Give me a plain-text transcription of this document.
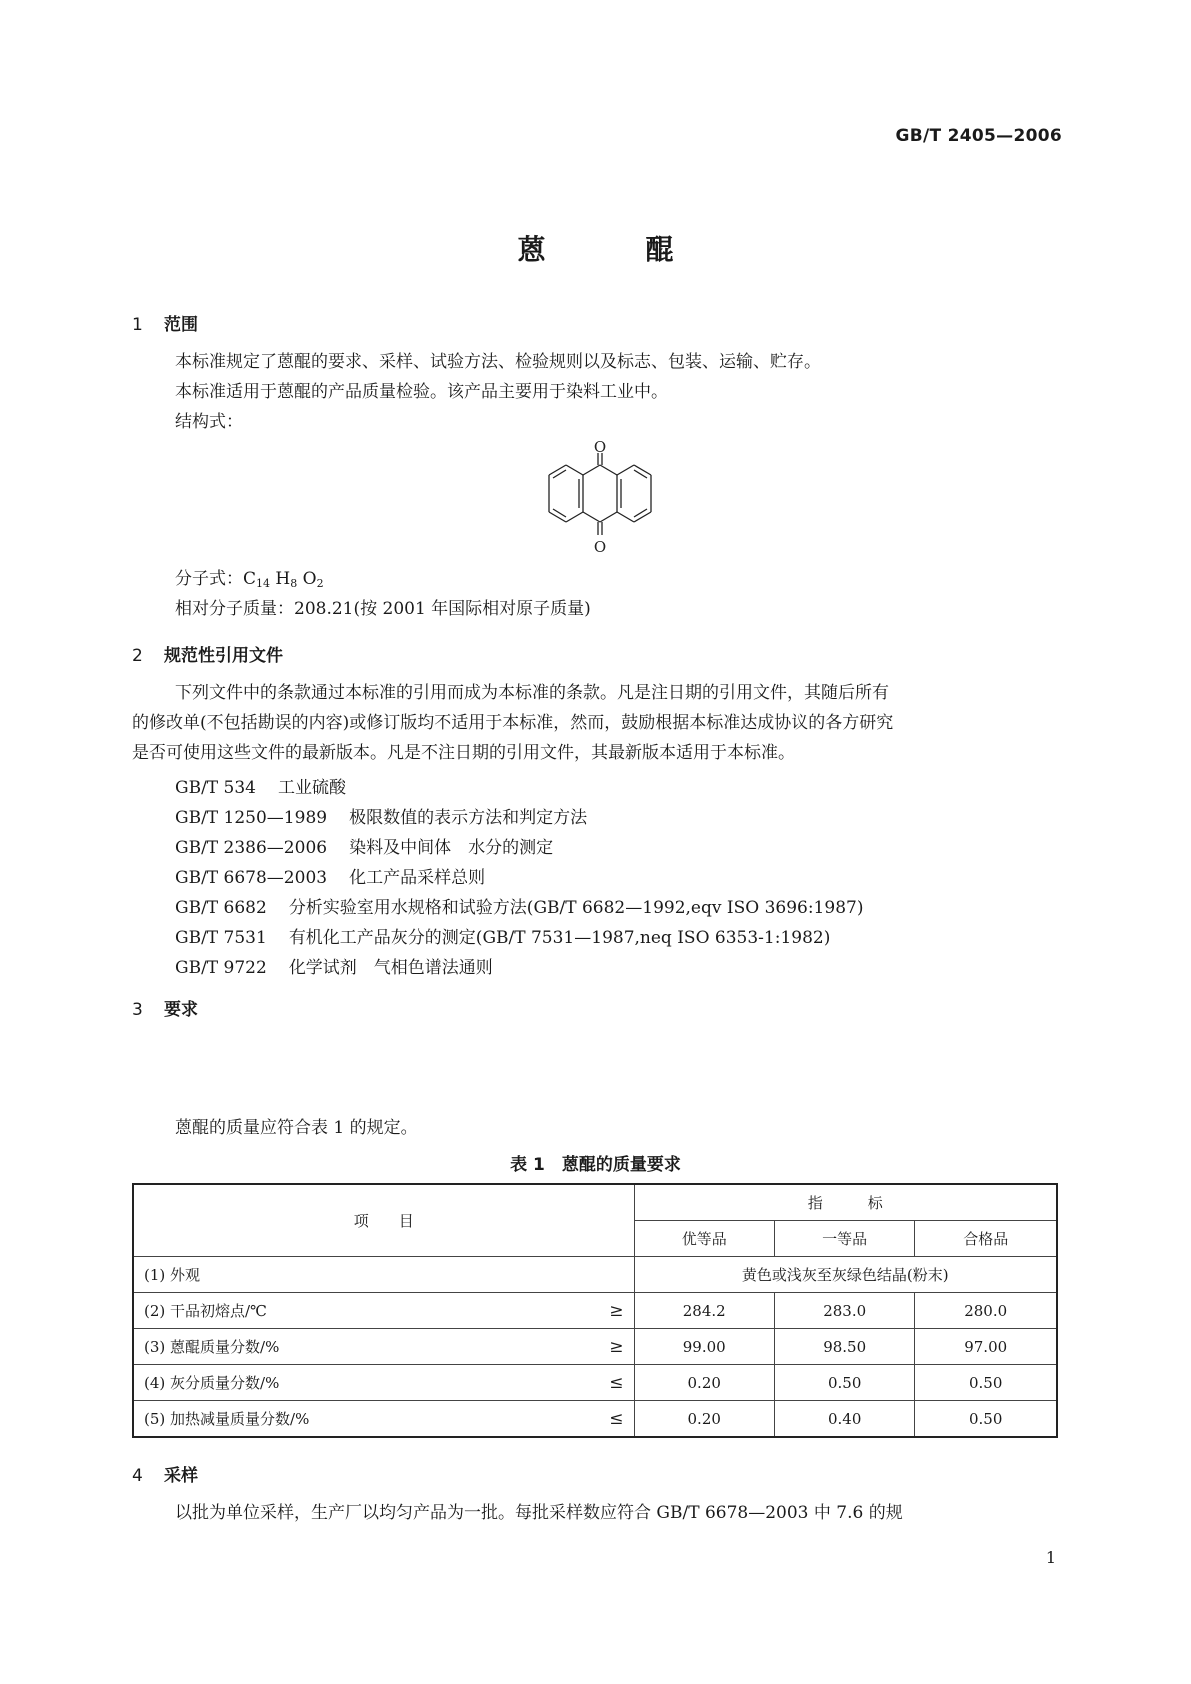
GB/T 2405—2006
蒽　醌
1 范围
本标准规定了蒽醌的要求、采样、试验方法、检验规则以及标志、包装、运输、贮存。
本标准适用于蒽醌的产品质量检验。该产品主要用于染料工业中。
结构式：
O
O
分子式：$C_{14}$ $H_8$ $O_2$
相对分子质量：208.21(按 2001 年国际相对原子质量)
2 规范性引用文件
下列文件中的条款通过本标准的引用而成为本标准的条款。凡是注日期的引用文件，其随后所有
的修改单(不包括勘误的内容)或修订版均不适用于本标准，然而，鼓励根据本标准达成协议的各方研究
是否可使用这些文件的最新版本。凡是不注日期的引用文件，其最新版本适用于本标准。
GB/T 534 工业硫酸
GB/T 1250—1989 极限数值的表示方法和判定方法
GB/T 2386—2006 染料及中间体　水分的测定
GB/T 6678—2003 化工产品采样总则
GB/T 6682 分析实验室用水规格和试验方法(GB/T 6682—1992,eqv ISO 3696:1987)
GB/T 7531 有机化工产品灰分的测定(GB/T 7531—1987,neq ISO 6353-1:1982)
GB/T 9722 化学试剂　气相色谱法通则
3 要求
蒽醌的质量应符合表 1 的规定。
表 1　蒽醌的质量要求
项　　目	指　　　标		
	优等品	一等品	合格品
(1) 外观	黄色或浅灰至灰绿色结晶(粉末)		
(2) 干品初熔点/℃ ≥	284.2	283.0	280.0
(3) 蒽醌质量分数/% ≥	99.00	98.50	97.00
(4) 灰分质量分数/% ≤	0.20	0.50	0.50
(5) 加热减量质量分数/% ≤	0.20	0.40	0.50
4 采样
以批为单位采样，生产厂以均匀产品为一批。每批采样数应符合 GB/T 6678—2003 中 7.6 的规
1
